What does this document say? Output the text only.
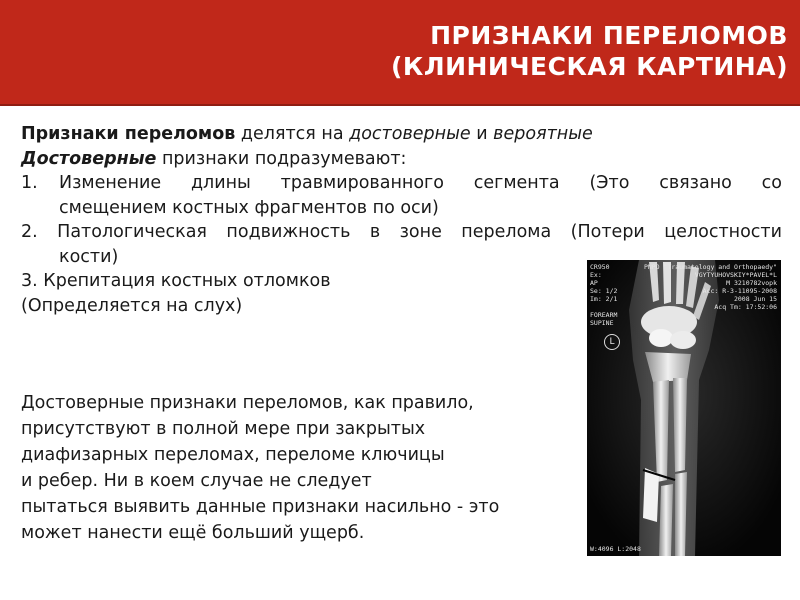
ПРИЗНАКИ ПЕРЕЛОМОВ
(КЛИНИЧЕСКАЯ КАРТИНА)
Признаки переломов делятся на достоверные и вероятные
Достоверные признаки подразумевают:
1. Изменение длины травмированного сегмента (Это связано со
смещением костных фрагментов по оси)
2. Патологическая подвижность в зоне перелома (Потери целостности
кости)
3. Крепитация костных отломков
(Определяется на слух)
Достоверные признаки переломов, как правило,
присутствуют в полной мере при закрытых
диафизарных переломах, переломе ключицы
и ребер. Ни в коем случае не следует
пытаться выявить данные признаки насильно - это
может нанести ещё больший ущерб.
CR950
Ex:
AP
Se: 1/2
Im: 2/1

FOREARM
SUPINE
PNPO "Traumatology and Orthopaedy"
VGYTYUHOVSKIY*PAVEL*L
M 3210782vopk
Acc: R-3-11095-2008
2008 Jun 15
Acq Tm: 17:52:06
L
W:4096 L:2048
